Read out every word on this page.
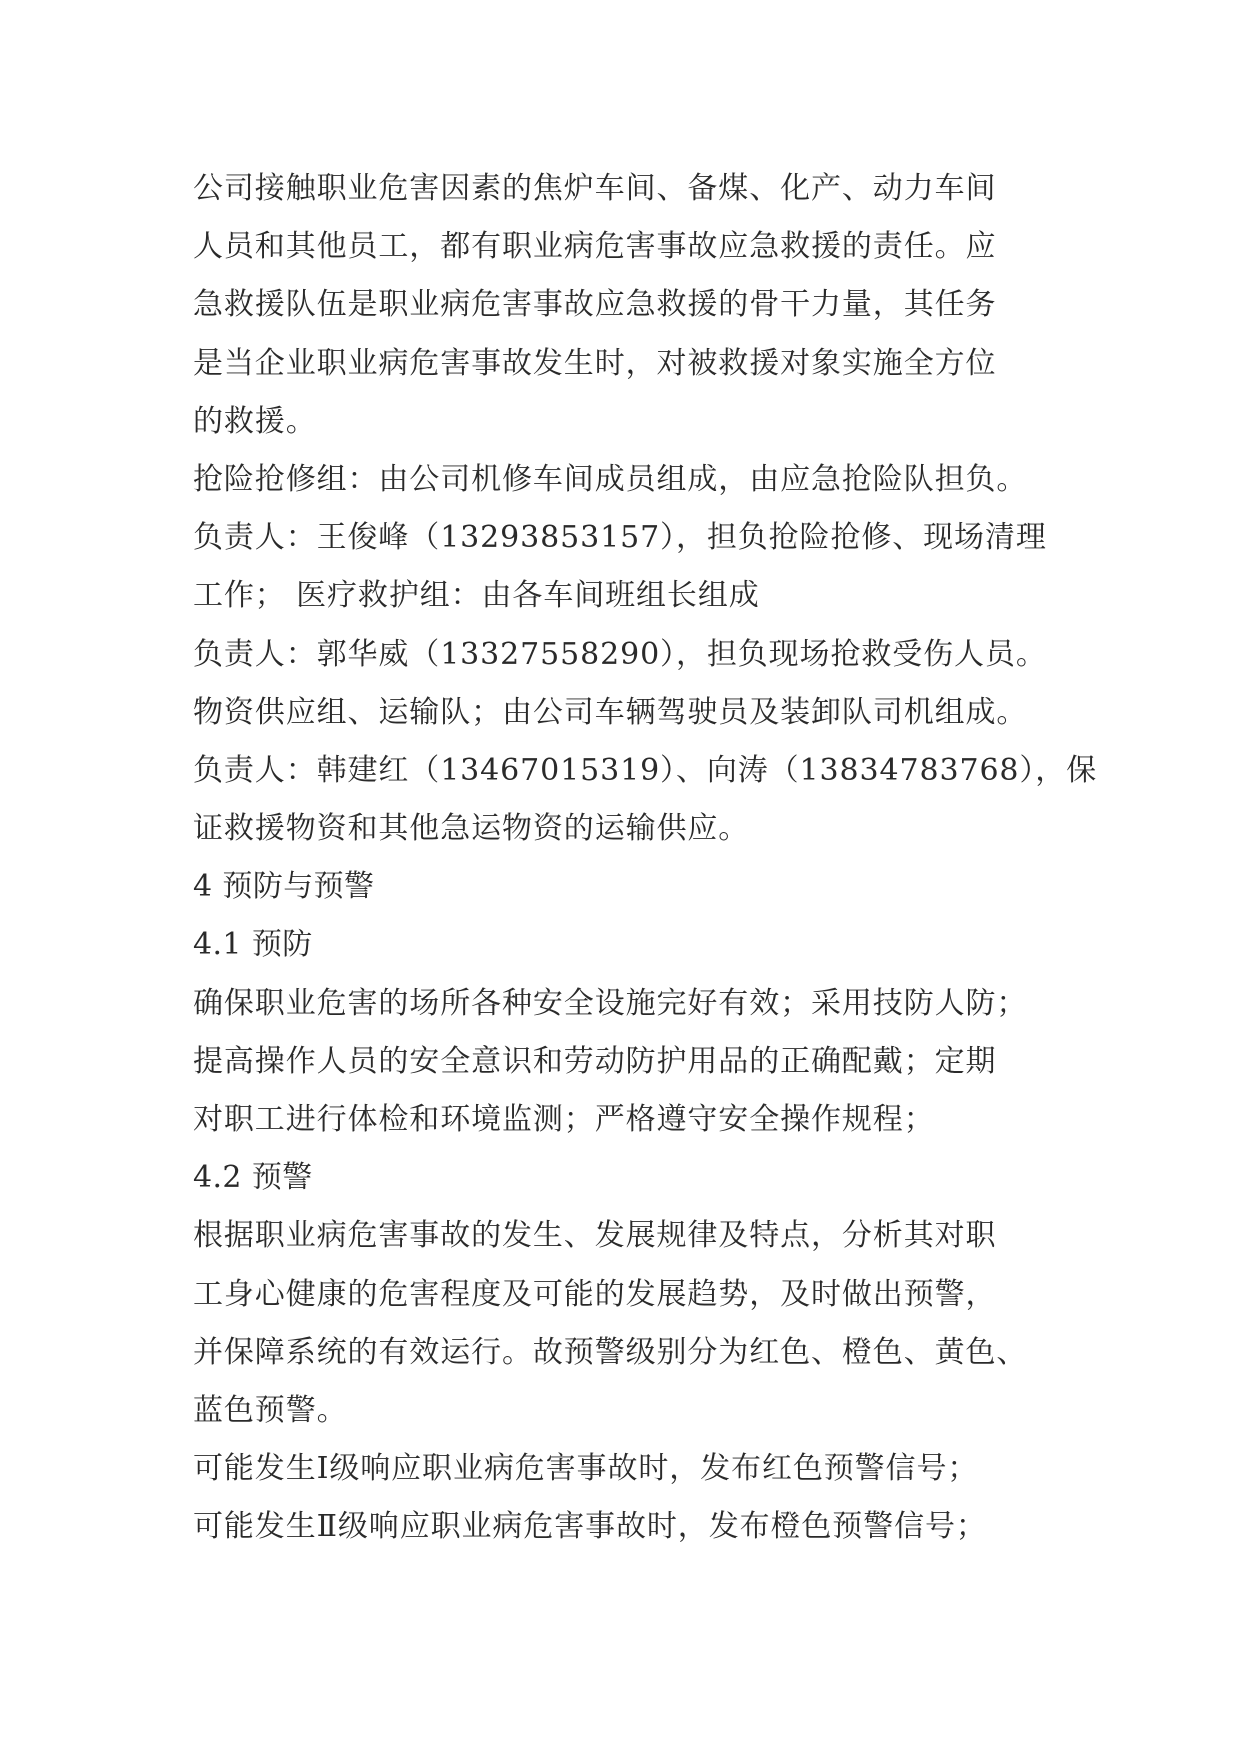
公司接触职业危害因素的焦炉车间、备煤、化产、动力车间
人员和其他员工，都有职业病危害事故应急救援的责任。应
急救援队伍是职业病危害事故应急救援的骨干力量，其任务
是当企业职业病危害事故发生时，对被救援对象实施全方位
的救援。
抢险抢修组：由公司机修车间成员组成，由应急抢险队担负。
负责人：王俊峰（13293853157），担负抢险抢修、现场清理
工作； 医疗救护组：由各车间班组长组成
负责人：郭华威（13327558290），担负现场抢救受伤人员。
物资供应组、运输队；由公司车辆驾驶员及装卸队司机组成。
负责人：韩建红（13467015319）、向涛（13834783768），保
证救援物资和其他急运物资的运输供应。
4 预防与预警
4.1 预防
确保职业危害的场所各种安全设施完好有效；采用技防人防；
提高操作人员的安全意识和劳动防护用品的正确配戴；定期
对职工进行体检和环境监测；严格遵守安全操作规程；
4.2 预警
根据职业病危害事故的发生、发展规律及特点，分析其对职
工身心健康的危害程度及可能的发展趋势，及时做出预警，
并保障系统的有效运行。故预警级别分为红色、橙色、黄色、
蓝色预警。
可能发生Ⅰ级响应职业病危害事故时，发布红色预警信号；
可能发生Ⅱ级响应职业病危害事故时，发布橙色预警信号；
